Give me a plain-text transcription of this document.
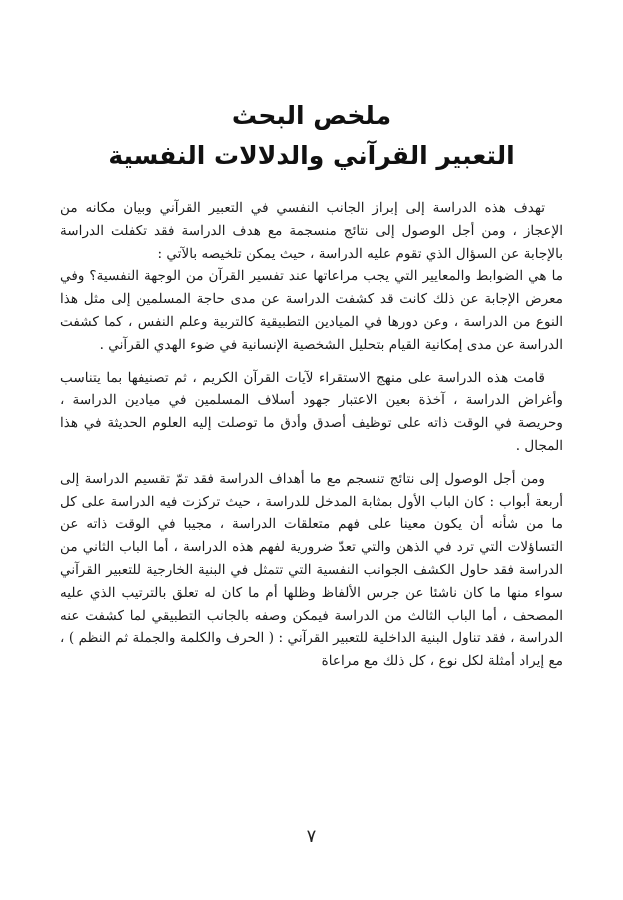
ملخص البحث
التعبير القرآني والدلالات النفسية

تهدف هذه الدراسة إلى إبراز الجانب النفسي في التعبير القرآني وبيان مكانه من الإعجاز ، ومن أجل الوصول إلى نتائج منسجمة مع هدف الدراسة فقد تكفلت الدراسة بالإجابة عن السؤال الذي تقوم عليه الدراسة ، حيث يمكن تلخيصه بالآتي :

ما هي الضوابط والمعايير التي يجب مراعاتها عند تفسير القرآن من الوجهة النفسية؟ وفي معرض الإجابة عن ذلك كانت قد كشفت الدراسة عن مدى حاجة المسلمين إلى مثل هذا النوع من الدراسة ، وعن دورها في الميادين التطبيقية كالتربية وعلم النفس ، كما كشفت الدراسة عن مدى إمكانية القيام بتحليل الشخصية الإنسانية في ضوء الهدي القرآني .

قامت هذه الدراسة على منهج الاستقراء لآيات القرآن الكريم ، ثم تصنيفها بما يتناسب وأغراض الدراسة ، آخذة بعين الاعتبار جهود أسلاف المسلمين في ميادين الدراسة ، وحريصة في الوقت ذاته على توظيف أصدق وأدق ما توصلت إليه العلوم الحديثة في هذا المجال .

ومن أجل الوصول إلى نتائج تنسجم مع ما أهداف الدراسة فقد تمّ تقسيم الدراسة إلى أربعة أبواب : كان الباب الأول بمثابة المدخل للدراسة ، حيث تركزت فيه الدراسة على كل ما من شأنه أن يكون معينا على فهم متعلقات الدراسة ، مجيبا في الوقت ذاته عن التساؤلات التي ترد في الذهن والتي تعدّ ضرورية لفهم هذه الدراسة ، أما الباب الثاني من الدراسة فقد حاول الكشف الجوانب النفسية التي تتمثل في البنية الخارجية للتعبير القرآني سواء منها ما كان ناشئا عن جرس الألفاظ وظلها أم ما كان له تعلق بالترتيب الذي عليه المصحف ، أما الباب الثالث من الدراسة فيمكن وصفه بالجانب التطبيقي لما كشفت عنه الدراسة ، فقد تناول البنية الداخلية للتعبير القرآني : ( الحرف والكلمة والجملة ثم النظم ) ، مع إيراد أمثلة لكل نوع ، كل ذلك مع مراعاة

٧
